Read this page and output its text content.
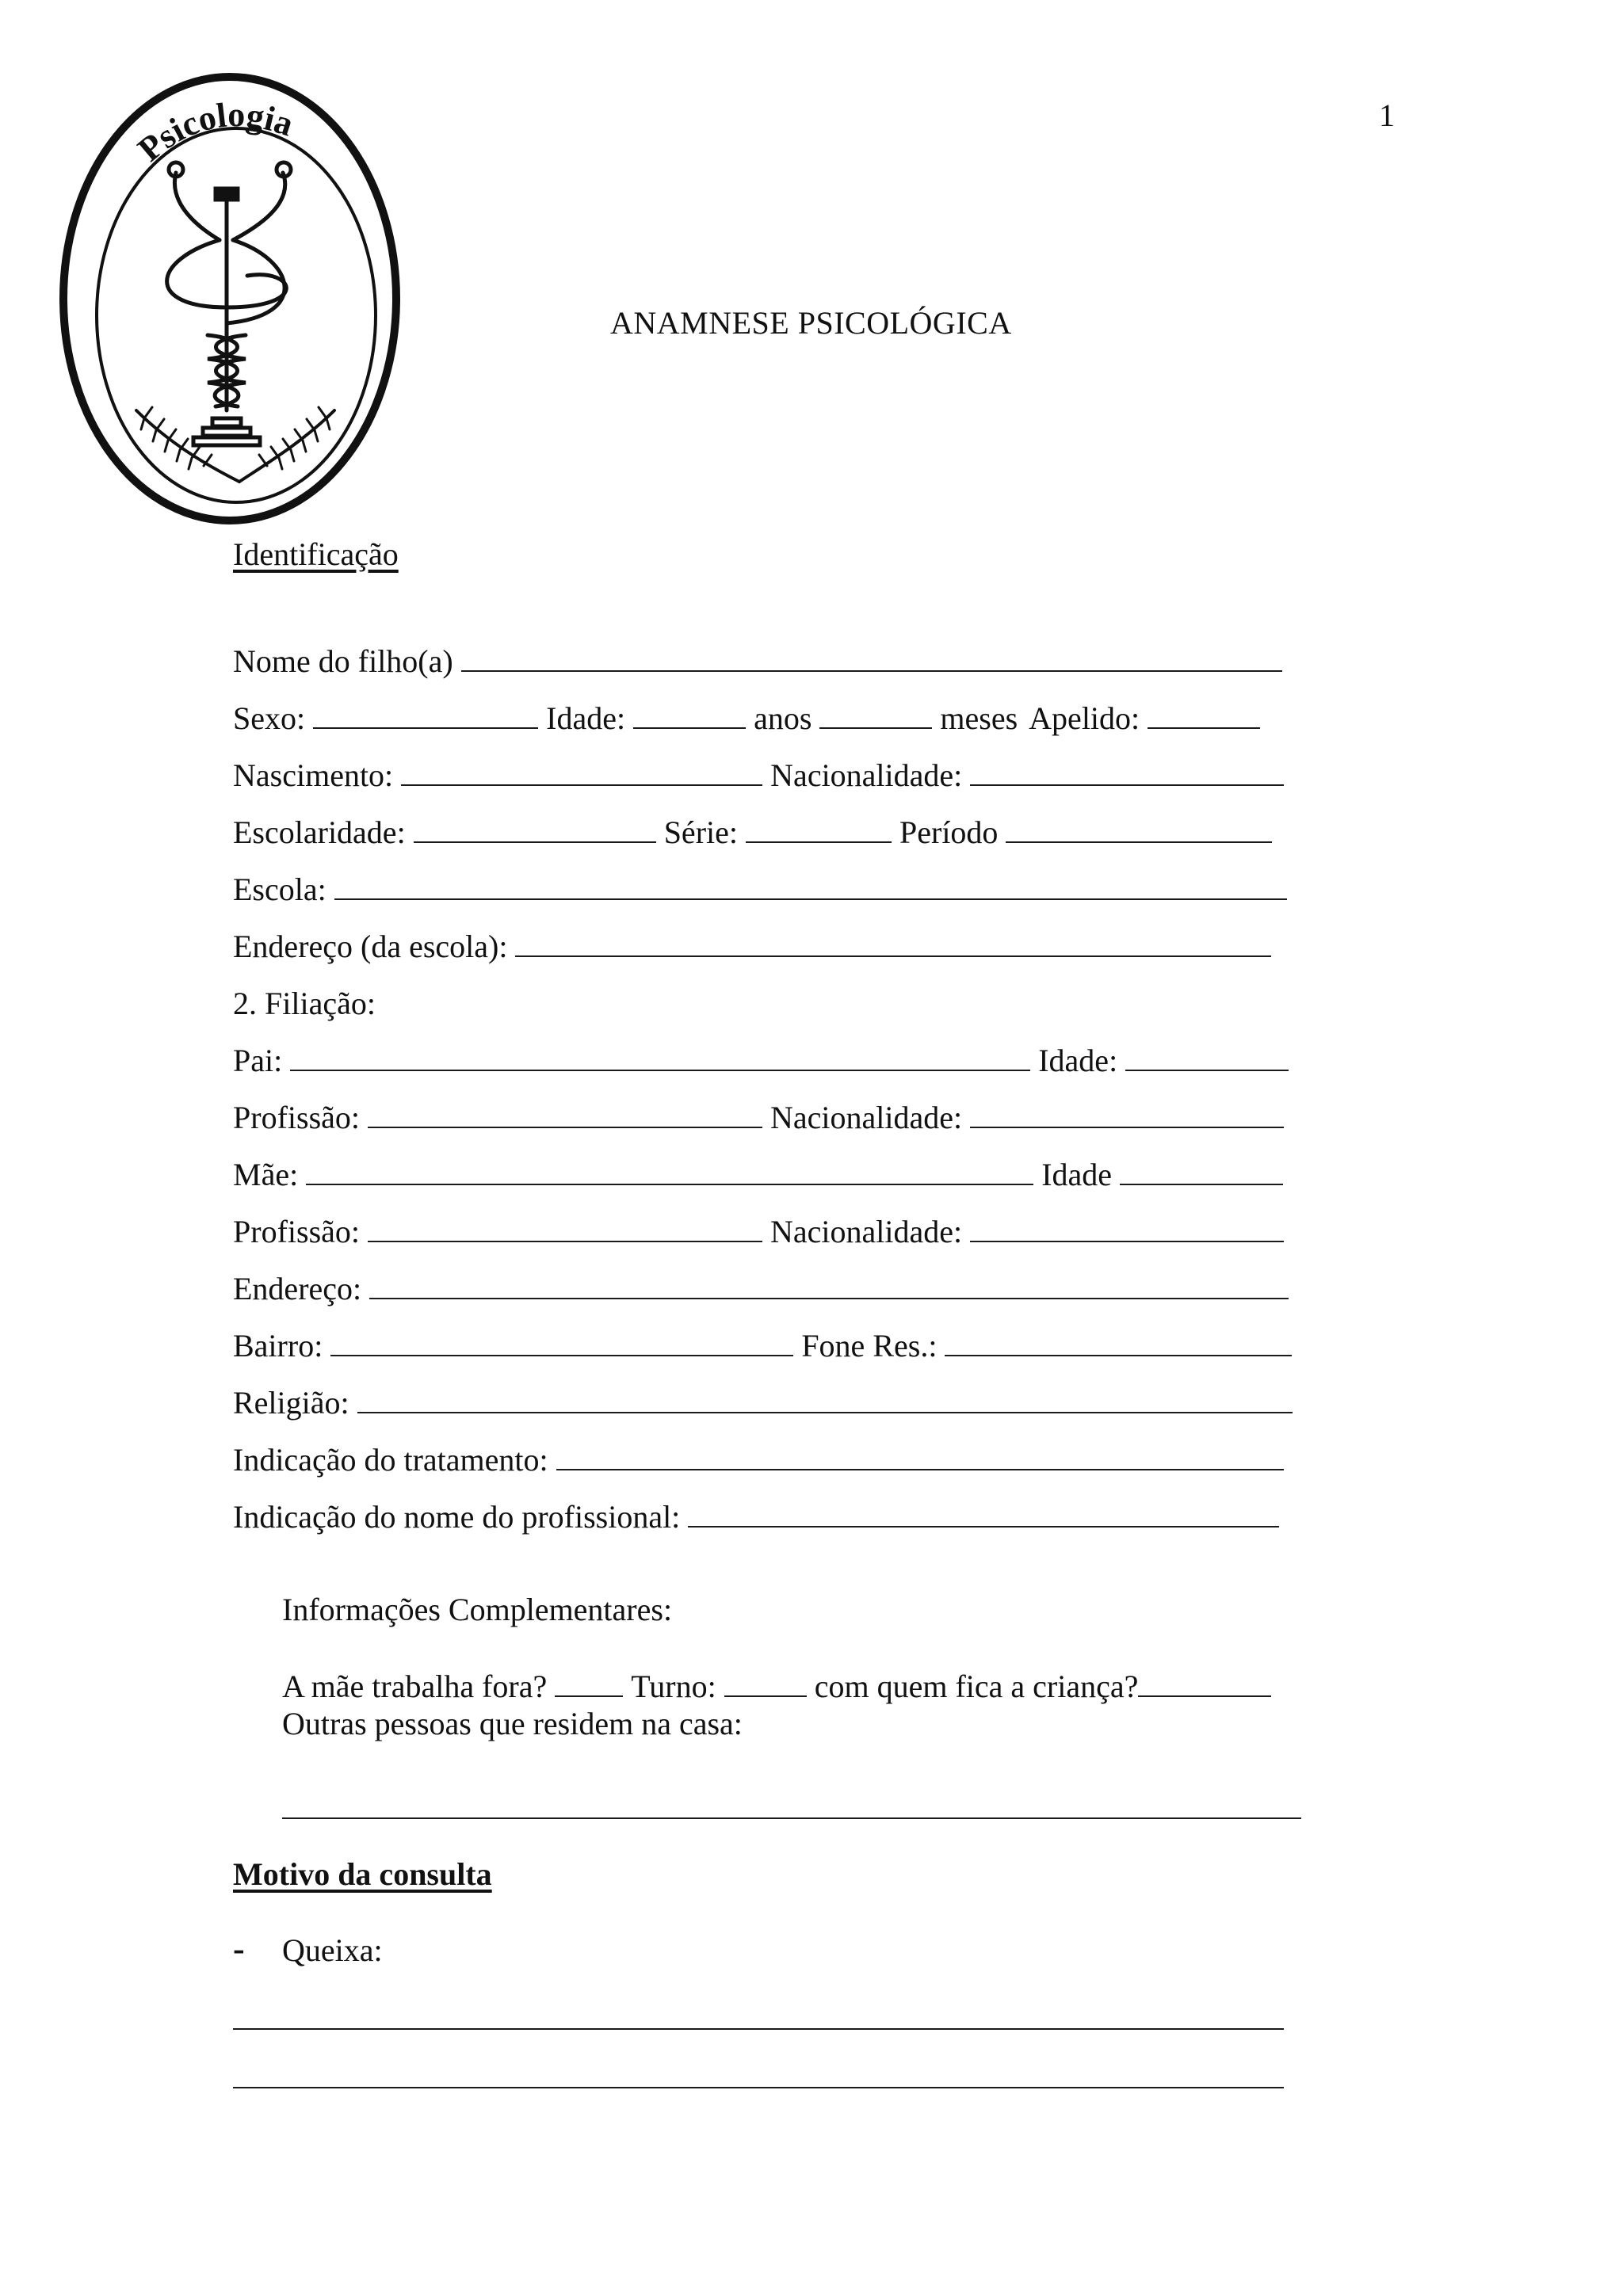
1
Psicologia
ANAMNESE PSICOLÓGICA
Identificação
Nome do filho(a)
Sexo:	Idade:	anos	meses Apelido:
Nascimento:	Nacionalidade:
Escolaridade:	Série:	Período
Escola:
Endereço (da escola):
2. Filiação:
Pai:	Idade:
Profissão:	Nacionalidade:
Mãe:	Idade
Profissão:	Nacionalidade:
Endereço:
Bairro:	Fone Res.:
Religião:
Indicação do tratamento:
Indicação do nome do profissional:
Informações Complementares:
A mãe trabalha fora?	Turno:	com quem fica a criança?
Outras pessoas que residem na casa:
Motivo da consulta
- Queixa:
